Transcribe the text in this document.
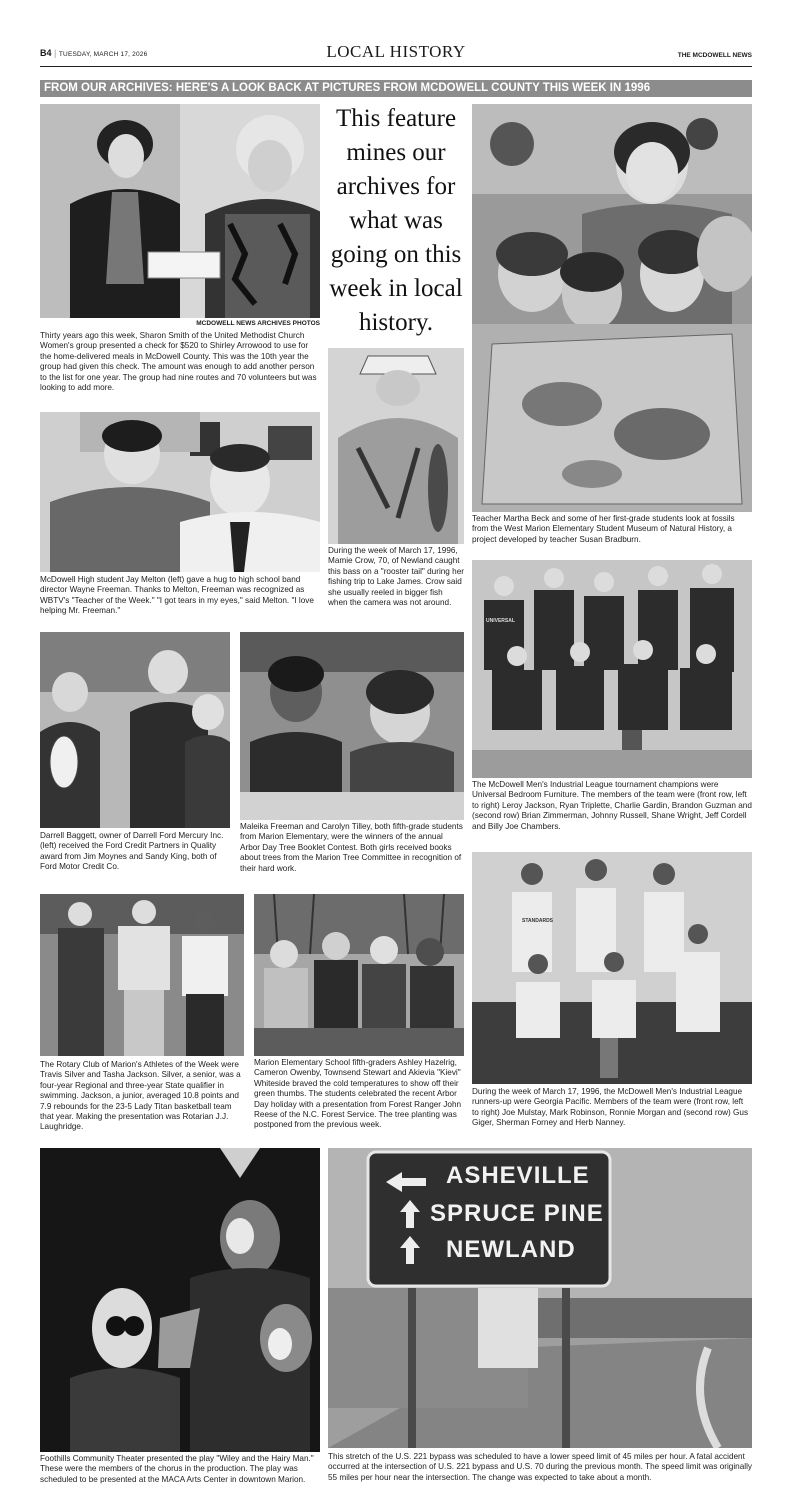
B4 | TUESDAY, MARCH 17, 2026	LOCAL HISTORY	THE MCDOWELL NEWS
FROM OUR ARCHIVES: HERE'S A LOOK BACK AT PICTURES FROM MCDOWELL COUNTY THIS WEEK IN 1996
MCDOWELL NEWS ARCHIVES PHOTOS
Thirty years ago this week, Sharon Smith of the United Methodist Church Women's group presented a check for $520 to Shirley Arrowood to use for the home-delivered meals in McDowell County. This was the 10th year the group had given this check. The amount was enough to add another person to the list for one year. The group had nine routes and 70 volunteers but was looking to add more.
This feature mines our archives for what was going on this week in local history.
Teacher Martha Beck and some of her first-grade students look at fossils from the West Marion Elementary Student Museum of Natural History, a project developed by teacher Susan Bradburn.
McDowell High student Jay Melton (left) gave a hug to high school band director Wayne Freeman. Thanks to Melton, Freeman was recognized as WBTV's "Teacher of the Week." "I got tears in my eyes," said Melton. "I love helping Mr. Freeman."
During the week of March 17, 1996, Mamie Crow, 70, of Newland caught this bass on a "rooster tail" during her fishing trip to Lake James. Crow said she usually reeled in bigger fish when the camera was not around.
Darrell Baggett, owner of Darrell Ford Mercury Inc. (left) received the Ford Credit Partners in Quality award from Jim Moynes and Sandy King, both of Ford Motor Credit Co.
Maleika Freeman and Carolyn Tilley, both fifth-grade students from Marion Elementary, were the winners of the annual Arbor Day Tree Booklet Contest. Both girls received books about trees from the Marion Tree Committee in recognition of their hard work.
The McDowell Men's Industrial League tournament champions were Universal Bedroom Furniture. The members of the team were (front row, left to right) Leroy Jackson, Ryan Triplette, Charlie Gardin, Brandon Guzman and (second row) Brian Zimmerman, Johnny Russell, Shane Wright, Jeff Cordell and Billy Joe Chambers.
The Rotary Club of Marion's Athletes of the Week were Travis Silver and Tasha Jackson. Silver, a senior, was a four-year Regional and three-year State qualifier in swimming. Jackson, a junior, averaged 10.8 points and 7.9 rebounds for the 23-5 Lady Titan basketball team that year. Making the presentation was Rotarian J.J. Laughridge.
Marion Elementary School fifth-graders Ashley Hazelrig, Cameron Owenby, Townsend Stewart and Akievia "Kievi" Whiteside braved the cold temperatures to show off their green thumbs. The students celebrated the recent Arbor Day holiday with a presentation from Forest Ranger John Reese of the N.C. Forest Service. The tree planting was postponed from the previous week.
During the week of March 17, 1996, the McDowell Men's Industrial League runners-up were Georgia Pacific. Members of the team were (front row, left to right) Joe Mulstay, Mark Robinson, Ronnie Morgan and (second row) Gus Giger, Sherman Forney and Herb Nanney.
Foothills Community Theater presented the play "Wiley and the Hairy Man." These were the members of the chorus in the production. The play was scheduled to be presented at the MACA Arts Center in downtown Marion.
ASHEVILLE
SPRUCE PINE
NEWLAND
This stretch of the U.S. 221 bypass was scheduled to have a lower speed limit of 45 miles per hour. A fatal accident occurred at the intersection of U.S. 221 bypass and U.S. 70 during the previous month. The speed limit was originally 55 miles per hour near the intersection. The change was expected to take about a month.
UNIVERSAL
STANDARDS
